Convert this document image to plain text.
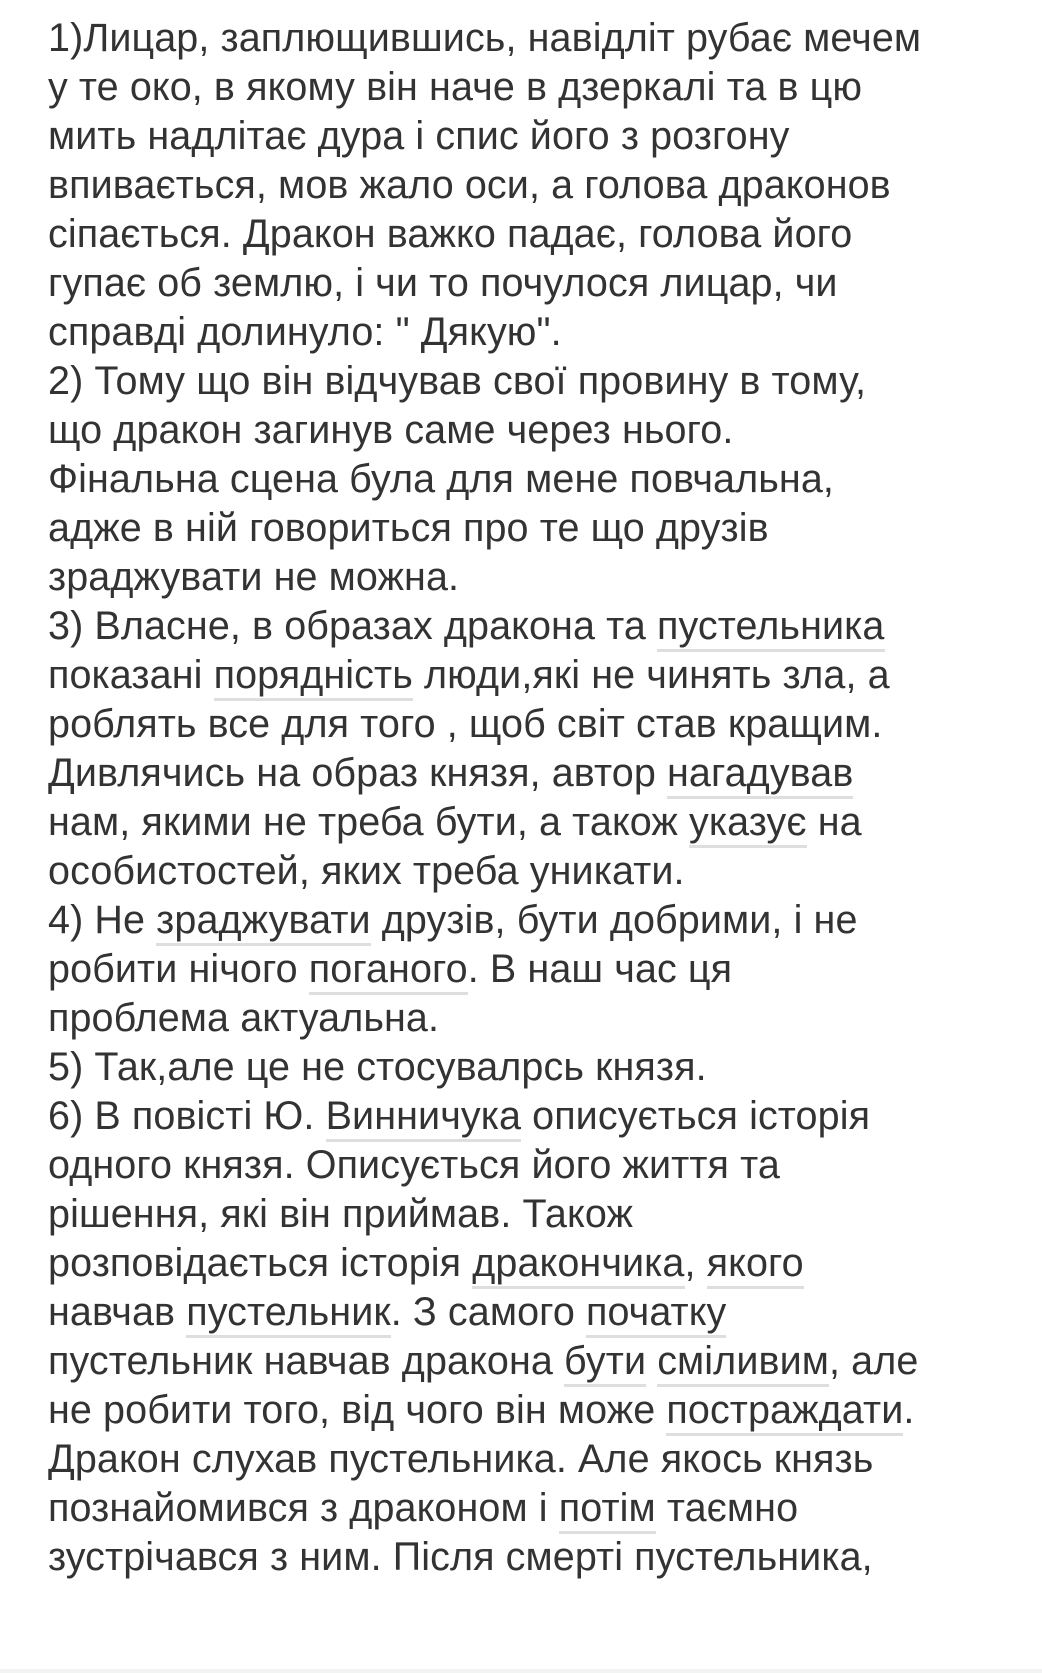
1)Лицар, заплющившись, навідліт рубає мечем
у те око, в якому він наче в дзеркалі та в цю
мить надлітає дура і спис його з розгону
впивається, мов жало оси, а голова драконов
сіпається. Дракон важко падає, голова його
гупає об землю, і чи то почулося лицар, чи
справді долинуло: " Дякую".
2) Тому що він відчував свої провину в тому,
що дракон загинув саме через нього.
Фінальна сцена була для мене повчальна,
адже в ній говориться про те що друзів
зраджувати не можна.
3) Власне, в образах дракона та пустельника
показані порядність люди,які не чинять зла, а
роблять все для того , щоб світ став кращим.
Дивлячись на образ князя, автор нагадував
нам, якими не треба бути, а також указує на
особистостей, яких треба уникати.
4) Не зраджувати друзів, бути добрими, і не
робити нічого поганого. В наш час ця
проблема актуальна.
5) Так,але це не стосувалрсь князя.
6) В повісті Ю. Винничука описується історія
одного князя. Описується його життя та
рішення, які він приймав. Також
розповідається історія дракончика, якого
навчав пустельник. З самого початку
пустельник навчав дракона бути сміливим, але
не робити того, від чого він може постраждати.
Дракон слухав пустельника. Але якось князь
познайомився з драконом і потім таємно
зустрічався з ним. Після смерті пустельника,
